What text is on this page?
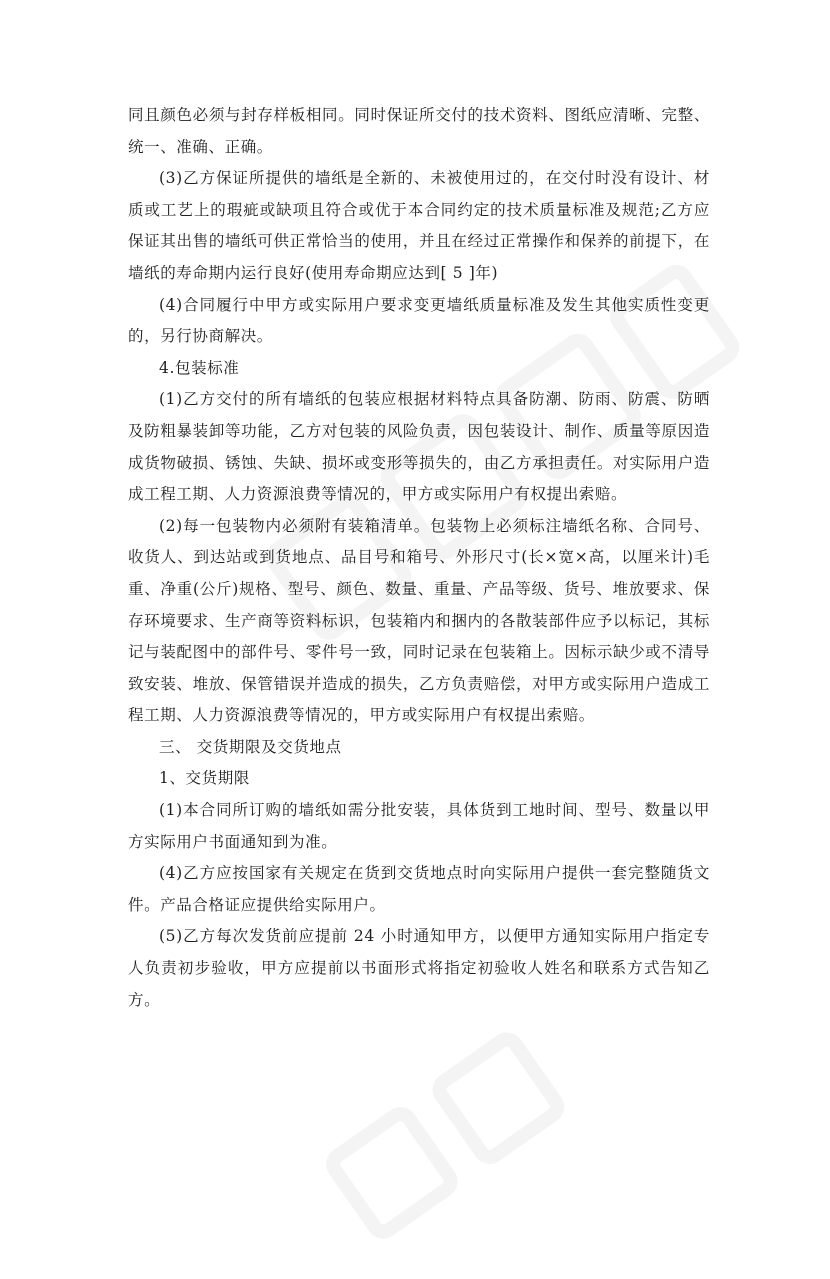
同且颜色必须与封存样板相同。同时保证所交付的技术资料、图纸应清晰、完整、统一、准确、正确。

(3)乙方保证所提供的墙纸是全新的、未被使用过的，在交付时没有设计、材质或工艺上的瑕疵或缺项且符合或优于本合同约定的技术质量标准及规范;乙方应保证其出售的墙纸可供正常恰当的使用，并且在经过正常操作和保养的前提下，在墙纸的寿命期内运行良好(使用寿命期应达到[ 5 ]年)

(4)合同履行中甲方或实际用户要求变更墙纸质量标准及发生其他实质性变更的，另行协商解决。

4.包装标准

(1)乙方交付的所有墙纸的包装应根据材料特点具备防潮、防雨、防震、防晒及防粗暴装卸等功能，乙方对包装的风险负责，因包装设计、制作、质量等原因造成货物破损、锈蚀、失缺、损坏或变形等损失的，由乙方承担责任。对实际用户造成工程工期、人力资源浪费等情况的，甲方或实际用户有权提出索赔。

(2)每一包装物内必须附有装箱清单。包装物上必须标注墙纸名称、合同号、收货人、到达站或到货地点、品目号和箱号、外形尺寸(长×宽×高，以厘米计)毛重、净重(公斤)规格、型号、颜色、数量、重量、产品等级、货号、堆放要求、保存环境要求、生产商等资料标识，包装箱内和捆内的各散装部件应予以标记，其标记与装配图中的部件号、零件号一致，同时记录在包装箱上。因标示缺少或不清导致安装、堆放、保管错误并造成的损失，乙方负责赔偿，对甲方或实际用户造成工程工期、人力资源浪费等情况的，甲方或实际用户有权提出索赔。

三、 交货期限及交货地点

1、交货期限

(1)本合同所订购的墙纸如需分批安装，具体货到工地时间、型号、数量以甲方实际用户书面通知到为准。

(4)乙方应按国家有关规定在货到交货地点时向实际用户提供一套完整随货文件。产品合格证应提供给实际用户。

(5)乙方每次发货前应提前 24 小时通知甲方，以便甲方通知实际用户指定专人负责初步验收，甲方应提前以书面形式将指定初验收人姓名和联系方式告知乙方。
